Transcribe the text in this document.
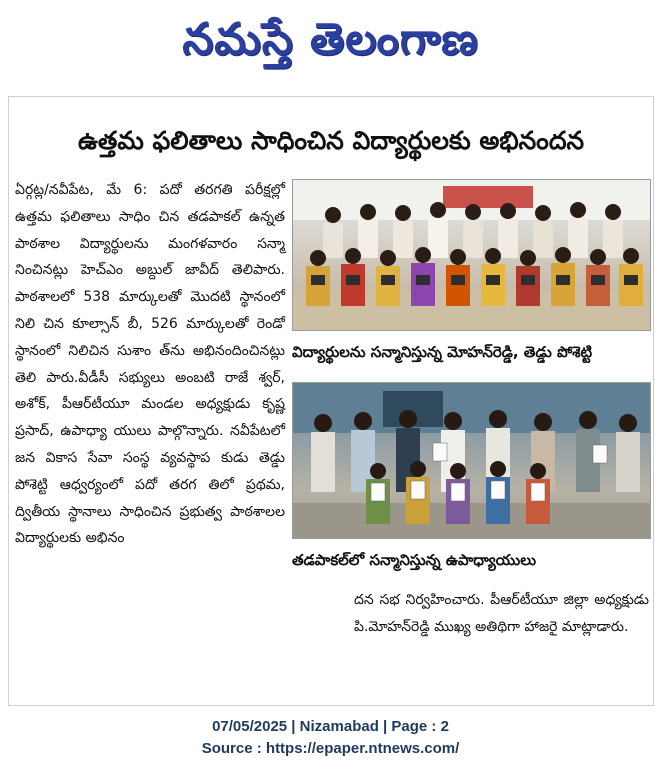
నమస్తే తెలంగాణ
ఉత్తమ ఫలితాలు సాధించిన విద్యార్థులకు అభినందన

ఏర్గట్ల/నవీపేట, మే 6: పదో తరగతి పరీక్షల్లో ఉత్తమ ఫలితాలు సాధిం చిన తడపాకల్ ఉన్నత పాఠశాల విద్యార్థులను మంగళవారం సన్మా నించినట్లు హెచ్‌ఎం అబ్దుల్ జావీద్ తెలిపారు. పాఠశాలలో 538 మార్కులతో మొదటి స్థానంలో నిలి చిన కూల్సాన్ బీ, 526 మార్కులతో రెండో స్థానంలో నిలిచిన సుశాం త్‌ను అభినందించినట్లు తెలి పారు.వీడీసీ సభ్యులు అంబటి రాజే శ్వర్, అశోక్, పీఆర్‌టీయూ మండల అధ్యక్షుడు కృష్ణ ప్రసాద్, ఉపాధ్యా యులు పాల్గొన్నారు. నవీపేటలో జన వికాస సేవా సంస్థ వ్యవస్థాప కుడు తెడ్డు పోశెట్టి ఆధ్వర్యంలో పదో తరగ తిలో ప్రథమ, ద్వితీయ స్థానాలు సాధించిన ప్రభుత్వ పాఠశాలల విద్యార్థులకు అభినం

విద్యార్థులను సన్మానిస్తున్న మోహన్‌రెడ్డి, తెడ్డు పోశెట్టి
తడపాకల్‌లో సన్మానిస్తున్న ఉపాధ్యాయులు

దన సభ నిర్వహించారు. పీఆర్‌టీయూ జిల్లా అధ్యక్షుడు పి.మోహన్‌రెడ్డి ముఖ్య అతిథిగా హాజరై మాట్లాడారు.

07/05/2025 | Nizamabad | Page : 2
Source : https://epaper.ntnews.com/
